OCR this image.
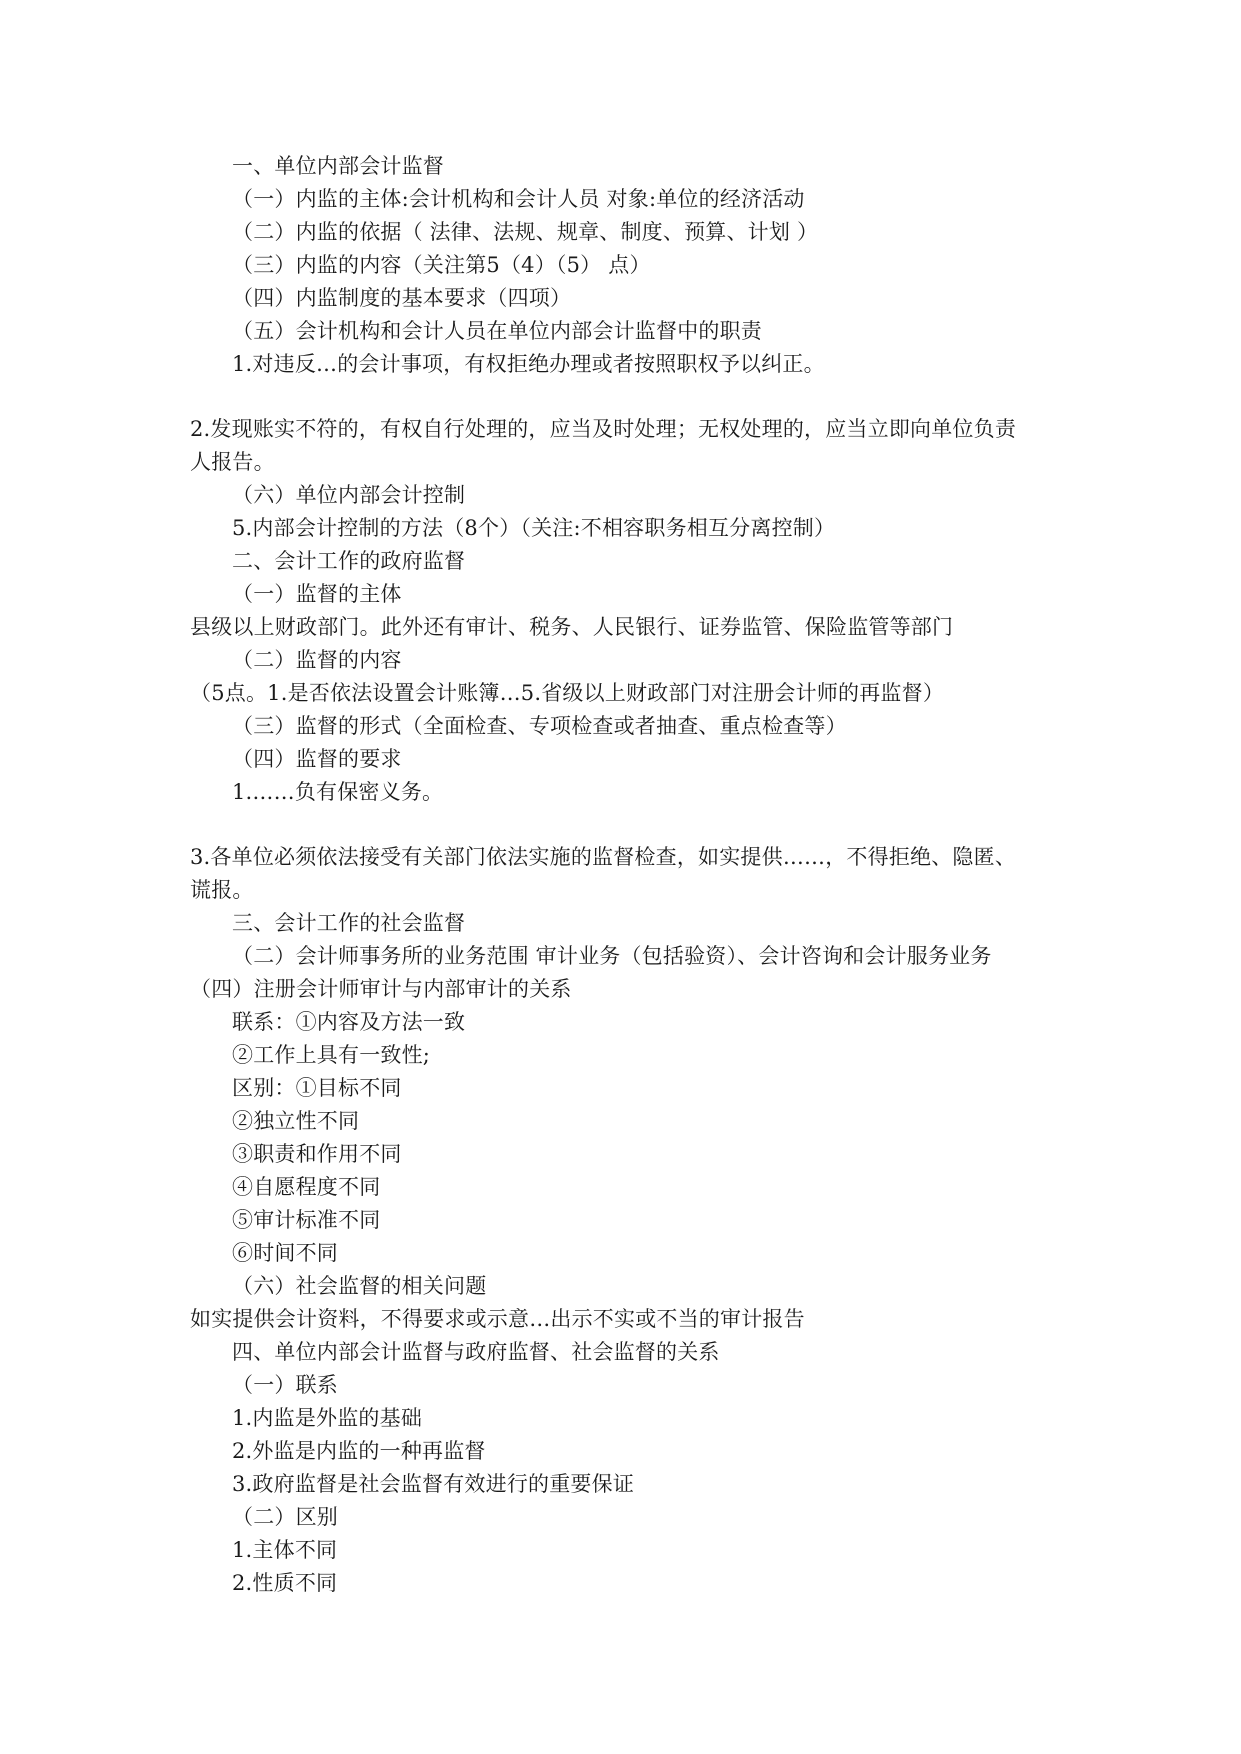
一、单位内部会计监督
（一）内监的主体:会计机构和会计人员 对象:单位的经济活动
（二）内监的依据（ 法律、法规、规章、制度、预算、计划 ）
（三）内监的内容（关注第5（4）（5） 点）
（四）内监制度的基本要求（四项）
（五）会计机构和会计人员在单位内部会计监督中的职责
1.对违反…的会计事项，有权拒绝办理或者按照职权予以纠正。
2.发现账实不符的，有权自行处理的，应当及时处理；无权处理的，应当立即向单位负责
人报告。
（六）单位内部会计控制
5.内部会计控制的方法（8个）（关注:不相容职务相互分离控制）
二、会计工作的政府监督
（一）监督的主体
县级以上财政部门。此外还有审计、税务、人民银行、证券监管、保险监管等部门
（二）监督的内容
（5点。1.是否依法设置会计账簿…5.省级以上财政部门对注册会计师的再监督）
（三）监督的形式（全面检查、专项检查或者抽查、重点检查等）
（四）监督的要求
1.……负有保密义务。
3.各单位必须依法接受有关部门依法实施的监督检查，如实提供……，不得拒绝、隐匿、
谎报。
三、会计工作的社会监督
（二）会计师事务所的业务范围 审计业务（包括验资）、会计咨询和会计服务业务
（四）注册会计师审计与内部审计的关系
联系：①内容及方法一致
②工作上具有一致性;
区别：①目标不同
②独立性不同
③职责和作用不同
④自愿程度不同
⑤审计标准不同
⑥时间不同
（六）社会监督的相关问题
如实提供会计资料，不得要求或示意…出示不实或不当的审计报告
四、单位内部会计监督与政府监督、社会监督的关系
（一）联系
1.内监是外监的基础
2.外监是内监的一种再监督
3.政府监督是社会监督有效进行的重要保证
（二）区别
1.主体不同
2.性质不同
